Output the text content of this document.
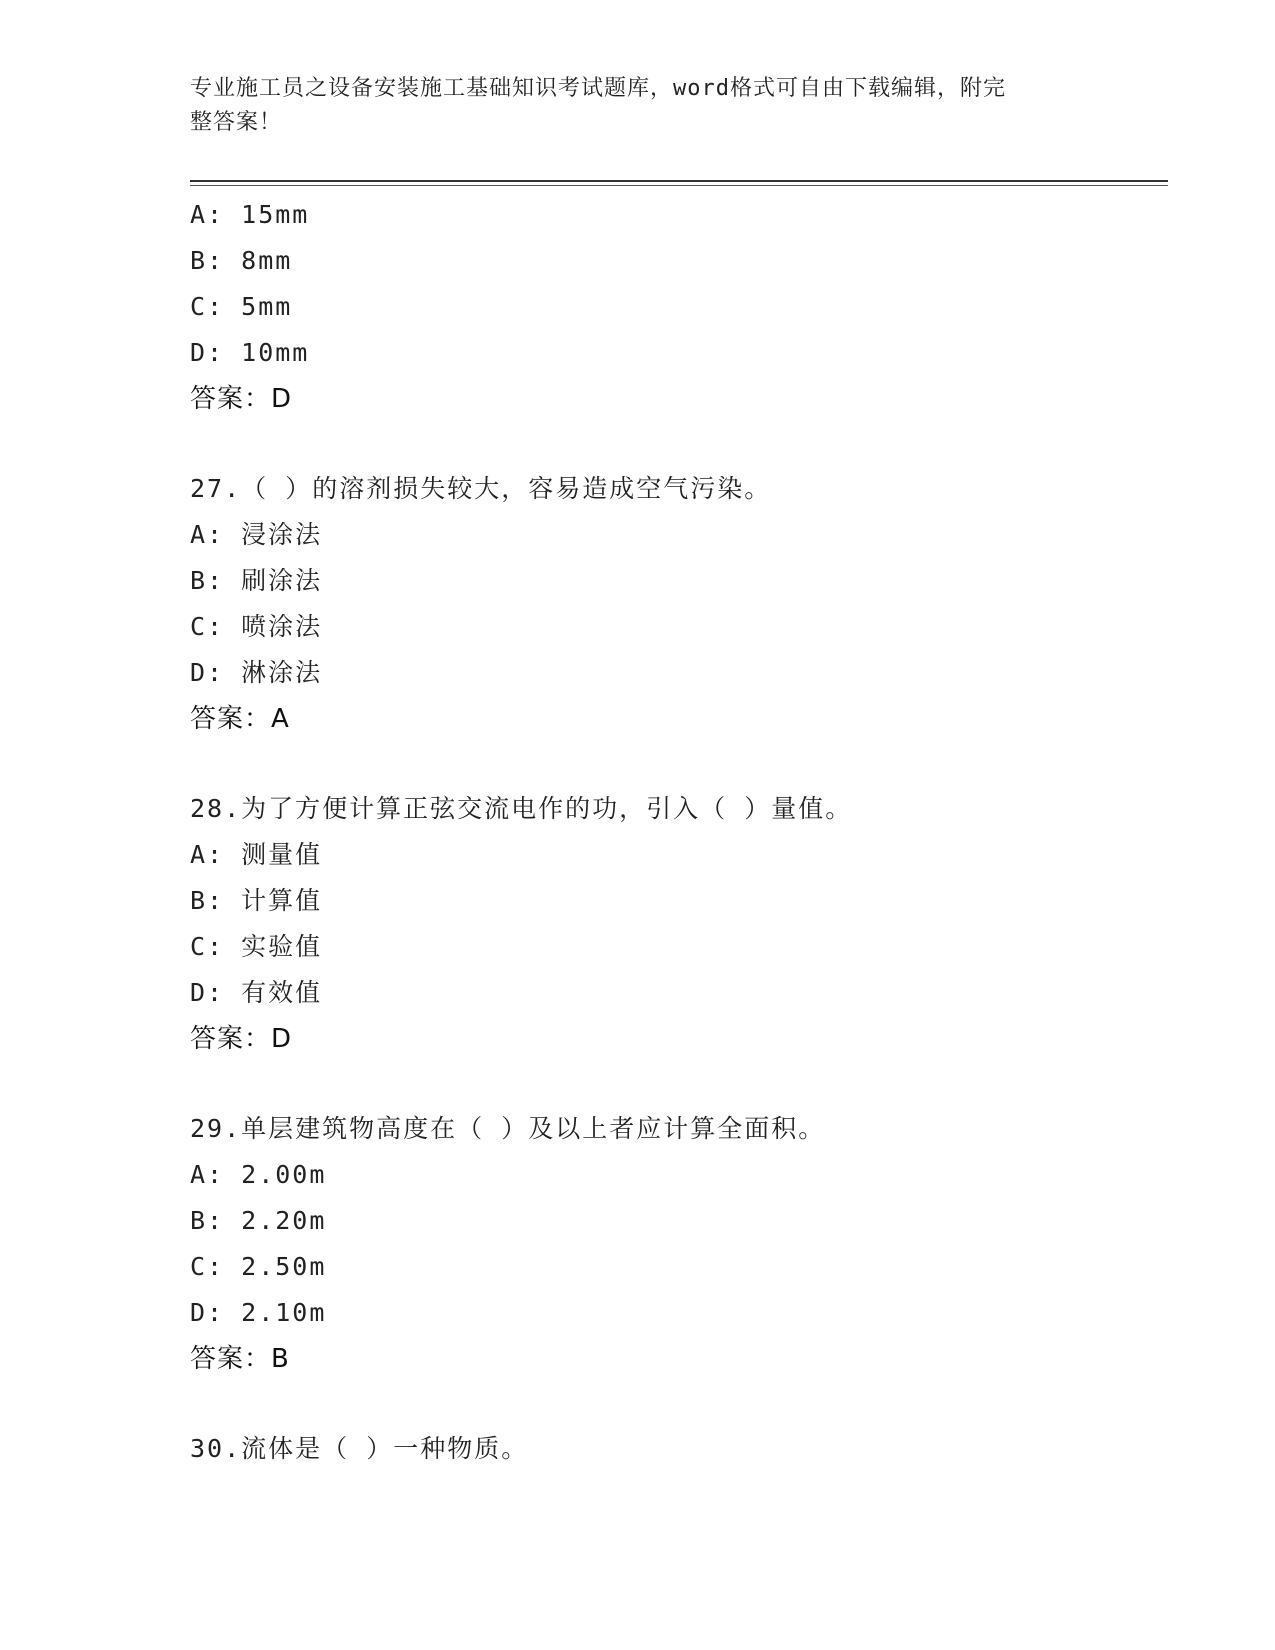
专业施工员之设备安装施工基础知识考试题库，word格式可自由下载编辑，附完
整答案！
A: 15mm
B: 8mm
C: 5mm
D: 10mm
答案：D
27.（ ）的溶剂损失较大，容易造成空气污染。
A: 浸涂法
B: 刷涂法
C: 喷涂法
D: 淋涂法
答案：A
28.为了方便计算正弦交流电作的功，引入（ ）量值。
A: 测量值
B: 计算值
C: 实验值
D: 有效值
答案：D
29.单层建筑物高度在（ ）及以上者应计算全面积。
A: 2.00m
B: 2.20m
C: 2.50m
D: 2.10m
答案：B
30.流体是（ ）一种物质。
